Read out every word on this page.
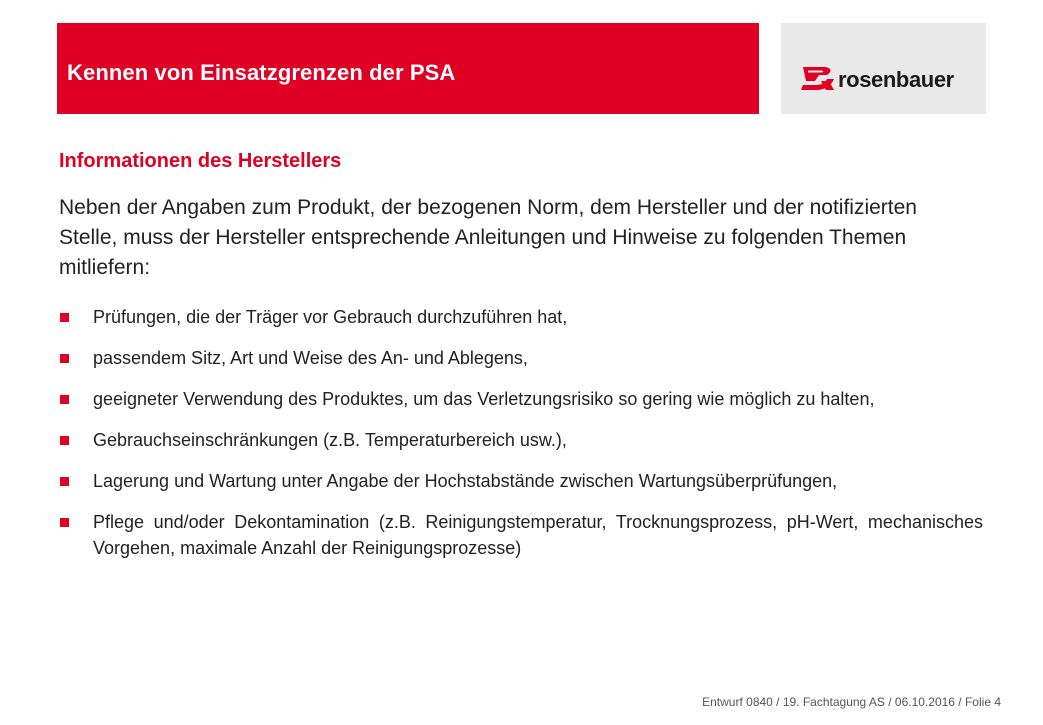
Kennen von Einsatzgrenzen der PSA	rosenbauer
Informationen des Herstellers

Neben der Angaben zum Produkt, der bezogenen Norm, dem Hersteller und der notifizierten Stelle, muss der Hersteller entsprechende Anleitungen und Hinweise zu folgenden Themen mitliefern:

Prüfungen, die der Träger vor Gebrauch durchzuführen hat,
passendem Sitz, Art und Weise des An- und Ablegens,
geeigneter Verwendung des Produktes, um das Verletzungsrisiko so gering wie möglich zu halten,
Gebrauchseinschränkungen (z.B. Temperaturbereich usw.),
Lagerung und Wartung unter Angabe der Hochstabstände zwischen Wartungsüberprüfungen,
Pflege und/oder Dekontamination (z.B. Reinigungstemperatur, Trocknungsprozess, pH-Wert, mechanisches Vorgehen, maximale Anzahl der Reinigungsprozesse)
Entwurf 0840 / 19. Fachtagung AS / 06.10.2016 / Folie 4
